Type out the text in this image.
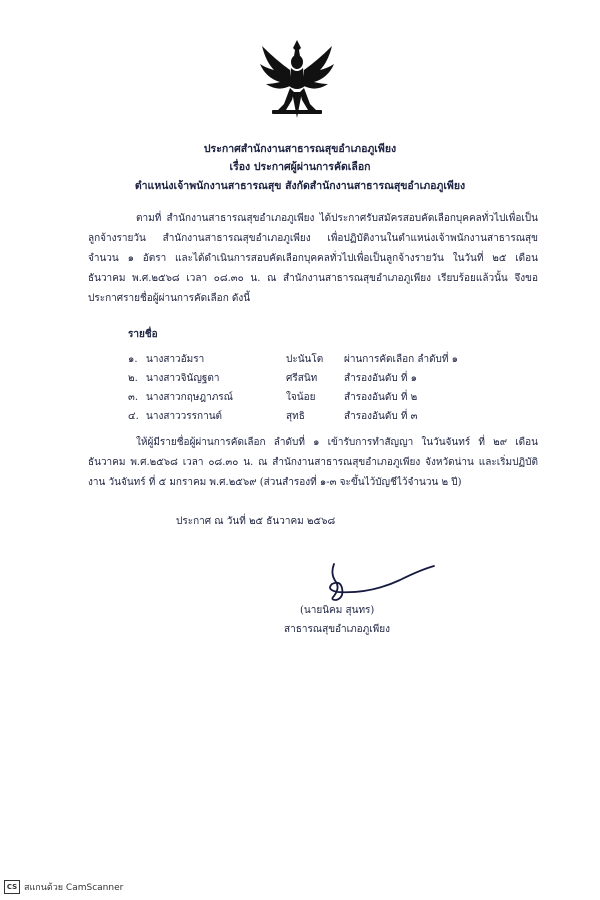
ประกาศสำนักงานสาธารณสุขอำเภอภูเพียง
เรื่อง ประกาศผู้ผ่านการคัดเลือก
ตำแหน่งเจ้าพนักงานสาธารณสุข สังกัดสำนักงานสาธารณสุขอำเภอภูเพียง
ตามที่ สำนักงานสาธารณสุขอำเภอภูเพียง ได้ประกาศรับสมัครสอบคัดเลือกบุคคลทั่วไปเพื่อเป็นลูกจ้างรายวัน สำนักงานสาธารณสุขอำเภอภูเพียง เพื่อปฏิบัติงานในตำแหน่งเจ้าพนักงานสาธารณสุข จำนวน ๑ อัตรา และได้ดำเนินการสอบคัดเลือกบุคคลทั่วไปเพื่อเป็นลูกจ้างรายวัน ในวันที่ ๒๕ เดือนธันวาคม พ.ศ.๒๕๖๘ เวลา ๐๘.๓๐ น. ณ สำนักงานสาธารณสุขอำเภอภูเพียง เรียบร้อยแล้วนั้น จึงขอประกาศรายชื่อผู้ผ่านการคัดเลือก ดังนี้
รายชื่อ
๑. นางสาวอัมรา	ปะนันโต	ผ่านการคัดเลือก ลำดับที่ ๑
๒. นางสาวจินัญฐตา	ศรีสนิท	สำรองอันดับ ที่ ๑
๓. นางสาวกฤษฎาภรณ์	ใจน้อย	สำรองอันดับ ที่ ๒
๔. นางสาววรรกานต์	สุทธิ	สำรองอันดับ ที่ ๓
ให้ผู้มีรายชื่อผู้ผ่านการคัดเลือก ลำดับที่ ๑ เข้ารับการทำสัญญา ในวันจันทร์ ที่ ๒๙ เดือนธันวาคม พ.ศ.๒๕๖๘ เวลา ๐๘.๓๐ น. ณ สำนักงานสาธารณสุขอำเภอภูเพียง จังหวัดน่าน และเริ่มปฏิบัติงาน วันจันทร์ ที่ ๕ มกราคม พ.ศ.๒๕๖๙ (ส่วนสำรองที่ ๑-๓ จะขึ้นไว้บัญชีไว้จำนวน ๒ ปี)
ประกาศ ณ วันที่ ๒๕ ธันวาคม ๒๕๖๘
(นายนิคม สุนทร)
สาธารณสุขอำเภอภูเพียง
CS สแกนด้วย CamScanner
